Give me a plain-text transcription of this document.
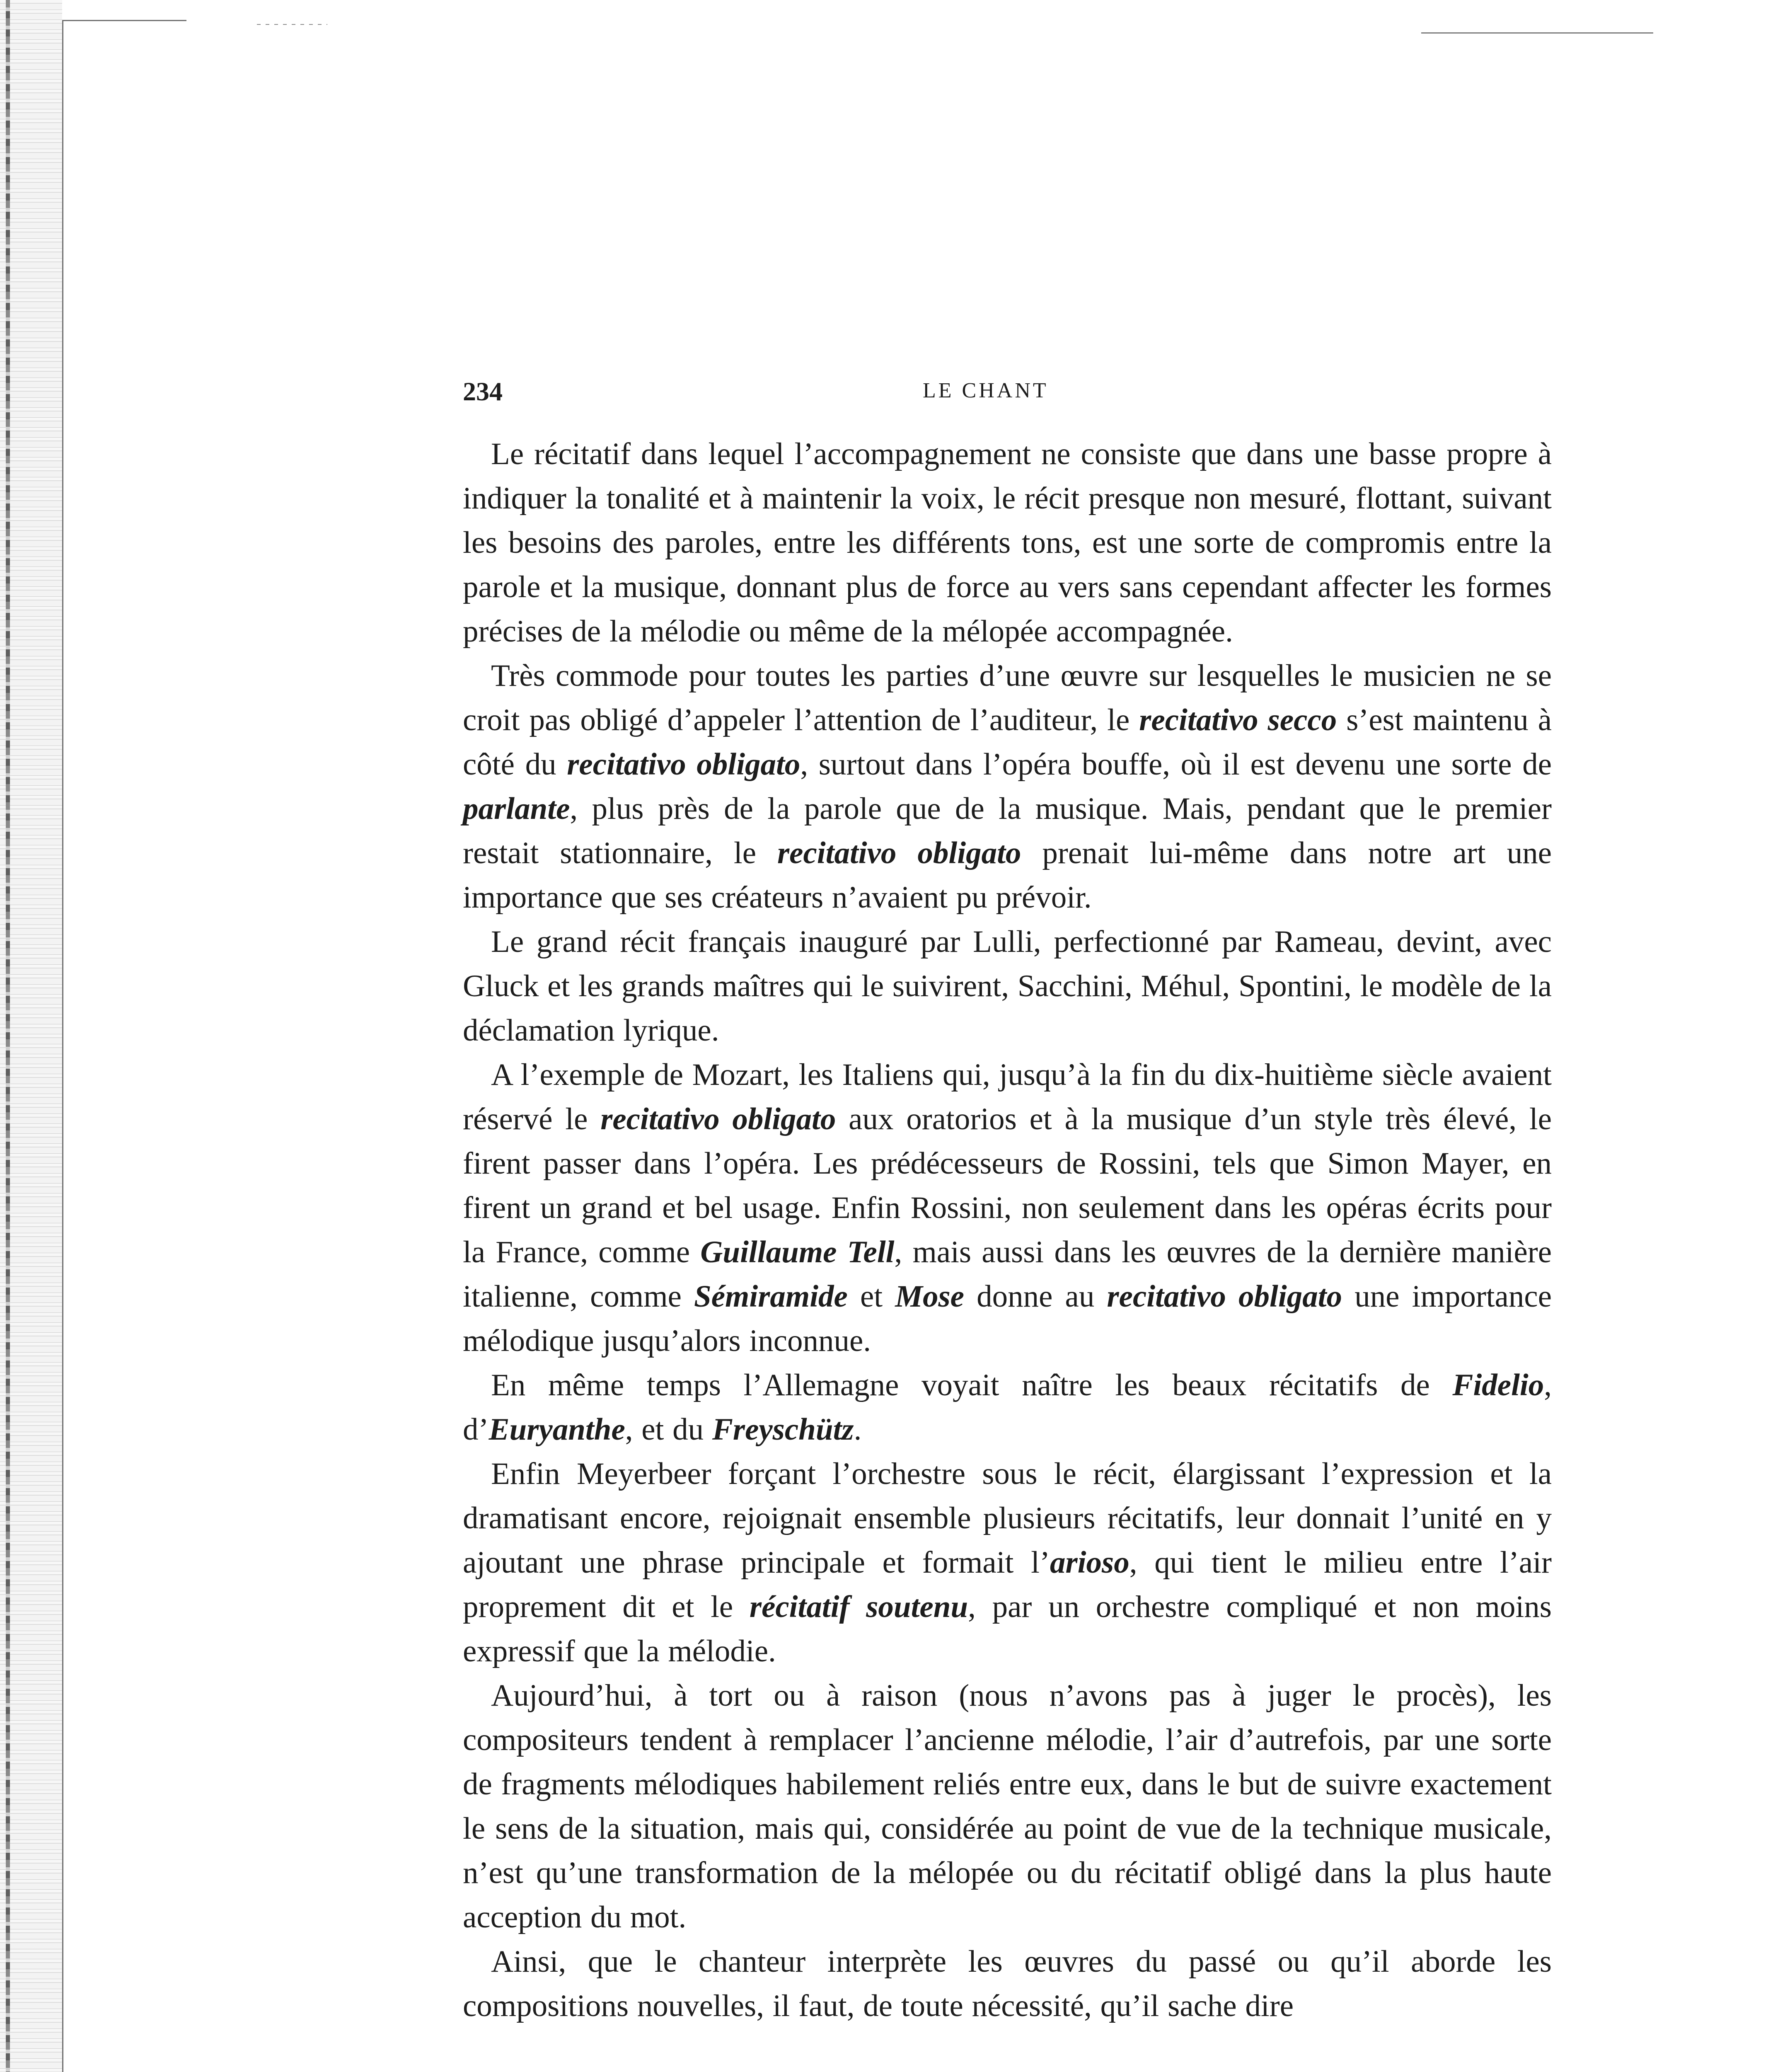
234	LE CHANT

Le récitatif dans lequel l’accompagnement ne consiste que dans une basse propre à indiquer la tonalité et à maintenir la voix, le récit presque non mesuré, flottant, suivant les besoins des paroles, entre les différents tons, est une sorte de compromis entre la parole et la musique, donnant plus de force au vers sans cependant affecter les formes précises de la mélodie ou même de la mélopée accompagnée.

Très commode pour toutes les parties d’une œuvre sur lesquelles le musicien ne se croit pas obligé d’appeler l’attention de l’auditeur, le recitativo secco s’est maintenu à côté du recitativo obligato, surtout dans l’opéra bouffe, où il est devenu une sorte de parlante, plus près de la parole que de la musique. Mais, pendant que le premier restait stationnaire, le recitativo obligato prenait lui-même dans notre art une importance que ses créateurs n’avaient pu prévoir.

Le grand récit français inauguré par Lulli, perfectionné par Rameau, devint, avec Gluck et les grands maîtres qui le suivirent, Sacchini, Méhul, Spontini, le modèle de la déclamation lyrique.

A l’exemple de Mozart, les Italiens qui, jusqu’à la fin du dix-huitième siècle avaient réservé le recitativo obligato aux oratorios et à la musique d’un style très élevé, le firent passer dans l’opéra. Les prédécesseurs de Rossini, tels que Simon Mayer, en firent un grand et bel usage. Enfin Rossini, non seulement dans les opéras écrits pour la France, comme Guillaume Tell, mais aussi dans les œuvres de la dernière manière italienne, comme Sémiramide et Mose donne au recitativo obligato une importance mélodique jusqu’alors inconnue.

En même temps l’Allemagne voyait naître les beaux récitatifs de Fidelio, d’Euryanthe, et du Freyschütz.

Enfin Meyerbeer forçant l’orchestre sous le récit, élargissant l’expression et la dramatisant encore, rejoignait ensemble plusieurs récitatifs, leur donnait l’unité en y ajoutant une phrase principale et formait l’arioso, qui tient le milieu entre l’air proprement dit et le récitatif soutenu, par un orchestre compliqué et non moins expressif que la mélodie.

Aujourd’hui, à tort ou à raison (nous n’avons pas à juger le procès), les compositeurs tendent à remplacer l’ancienne mélodie, l’air d’autrefois, par une sorte de fragments mélodiques habilement reliés entre eux, dans le but de suivre exactement le sens de la situation, mais qui, considérée au point de vue de la technique musicale, n’est qu’une transformation de la mélopée ou du récitatif obligé dans la plus haute acception du mot.

Ainsi, que le chanteur interprète les œuvres du passé ou qu’il aborde les compositions nouvelles, il faut, de toute nécessité, qu’il sache dire
